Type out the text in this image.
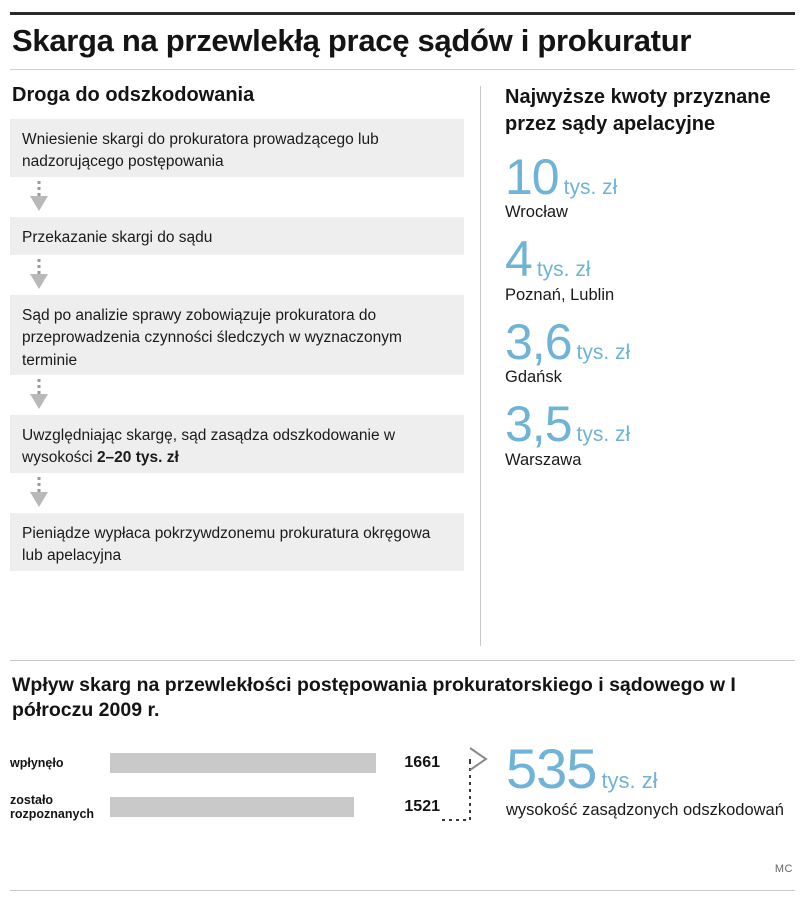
Skarga na przewlekłą pracę sądów i prokuratur
Droga do odszkodowania
Wniesienie skargi do prokuratora prowadzącego lub nadzorującego postępowania
Przekazanie skargi do sądu
Sąd po analizie sprawy zobowiązuje prokuratora do przeprowadzenia czynności śledczych w wyznaczonym terminie
Uwzględniając skargę, sąd zasądza odszkodowanie w wysokości 2–20 tys. zł
Pieniądze wypłaca pokrzywdzonemu prokuratura okręgowa lub apelacyjna
Najwyższe kwoty przyznane przez sądy apelacyjne
10 tys. zł
Wrocław
4 tys. zł
Poznań, Lublin
3,6 tys. zł
Gdańsk
3,5 tys. zł
Warszawa
Wpływ skarg na przewlekłości postępowania prokuratorskiego i sądowego w I półroczu 2009 r.
wpłynęło	1661
zostało rozpoznanych	1521
535 tys. zł
wysokość zasądzonych odszkodowań
MC
